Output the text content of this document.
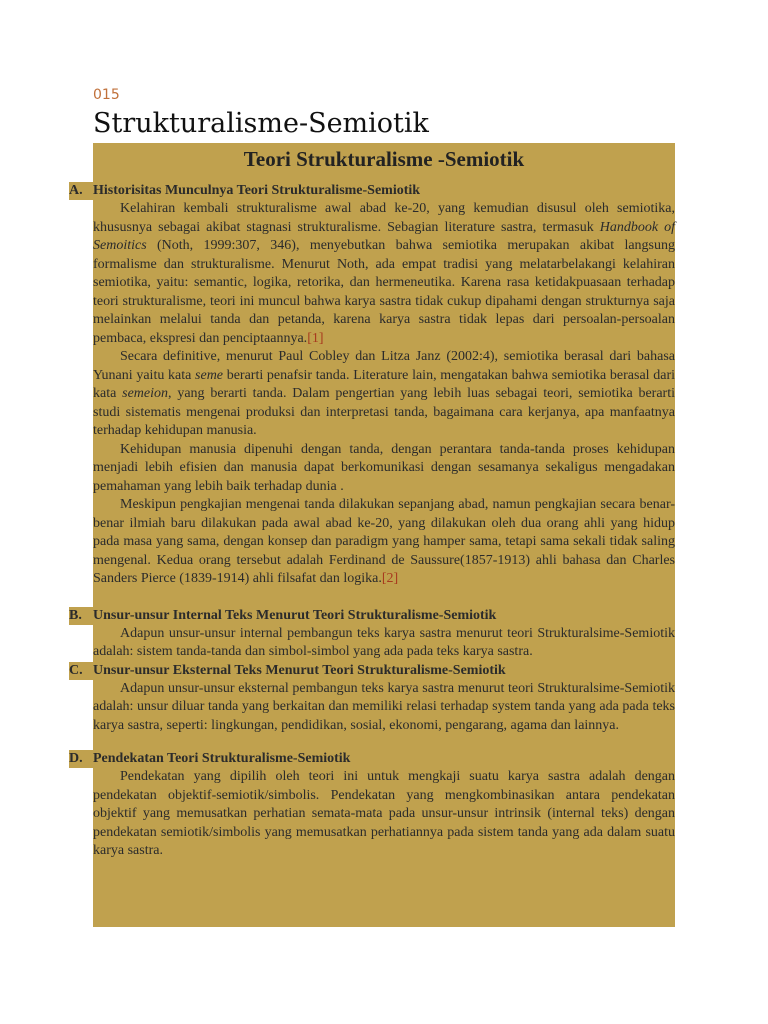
015
Strukturalisme-Semiotik
Teori Strukturalisme -Semiotik
A. Historisitas Munculnya Teori Strukturalisme-Semiotik

Kelahiran kembali strukturalisme awal abad ke-20, yang kemudian disusul oleh semiotika, khususnya sebagai akibat stagnasi strukturalisme. Sebagian literature sastra, termasuk Handbook of Semoitics (Noth, 1999:307, 346), menyebutkan bahwa semiotika merupakan akibat langsung formalisme dan strukturalisme. Menurut Noth, ada empat tradisi yang melatarbelakangi kelahiran semiotika, yaitu: semantic, logika, retorika, dan hermeneutika. Karena rasa ketidakpuasaan terhadap teori strukturalisme, teori ini muncul bahwa karya sastra tidak cukup dipahami dengan strukturnya saja melainkan melalui tanda dan petanda, karena karya sastra tidak lepas dari persoalan-persoalan pembaca, ekspresi dan penciptaannya.[1]

Secara definitive, menurut Paul Cobley dan Litza Janz (2002:4), semiotika berasal dari bahasa Yunani yaitu kata seme berarti penafsir tanda. Literature lain, mengatakan bahwa semiotika berasal dari kata semeion, yang berarti tanda. Dalam pengertian yang lebih luas sebagai teori, semiotika berarti studi sistematis mengenai produksi dan interpretasi tanda, bagaimana cara kerjanya, apa manfaatnya terhadap kehidupan manusia.

Kehidupan manusia dipenuhi dengan tanda, dengan perantara tanda-tanda proses kehidupan menjadi lebih efisien dan manusia dapat berkomunikasi dengan sesamanya sekaligus mengadakan pemahaman yang lebih baik terhadap dunia .

Meskipun pengkajian mengenai tanda dilakukan sepanjang abad, namun pengkajian secara benar-benar ilmiah baru dilakukan pada awal abad ke-20, yang dilakukan oleh dua orang ahli yang hidup pada masa yang sama, dengan konsep dan paradigm yang hamper sama, tetapi sama sekali tidak saling mengenal. Kedua orang tersebut adalah Ferdinand de Saussure(1857-1913) ahli bahasa dan Charles Sanders Pierce (1839-1914) ahli filsafat dan logika.[2]

B. Unsur-unsur Internal Teks Menurut Teori Strukturalisme-Semiotik

Adapun unsur-unsur internal pembangun teks karya sastra menurut teori Strukturalsime-Semiotik adalah: sistem tanda-tanda dan simbol-simbol yang ada pada teks karya sastra.

C. Unsur-unsur Eksternal Teks Menurut Teori Strukturalisme-Semiotik

Adapun unsur-unsur eksternal pembangun teks karya sastra menurut teori Strukturalsime-Semiotik adalah: unsur diluar tanda yang berkaitan dan memiliki relasi terhadap system tanda yang ada pada teks karya sastra, seperti: lingkungan, pendidikan, sosial, ekonomi, pengarang, agama dan lainnya.

D. Pendekatan Teori Strukturalisme-Semiotik

Pendekatan yang dipilih oleh teori ini untuk mengkaji suatu karya sastra adalah dengan pendekatan objektif-semiotik/simbolis. Pendekatan yang mengkombinasikan antara pendekatan objektif yang memusatkan perhatian semata-mata pada unsur-unsur intrinsik (internal teks) dengan pendekatan semiotik/simbolis yang memusatkan perhatiannya pada sistem tanda yang ada dalam suatu karya sastra.
